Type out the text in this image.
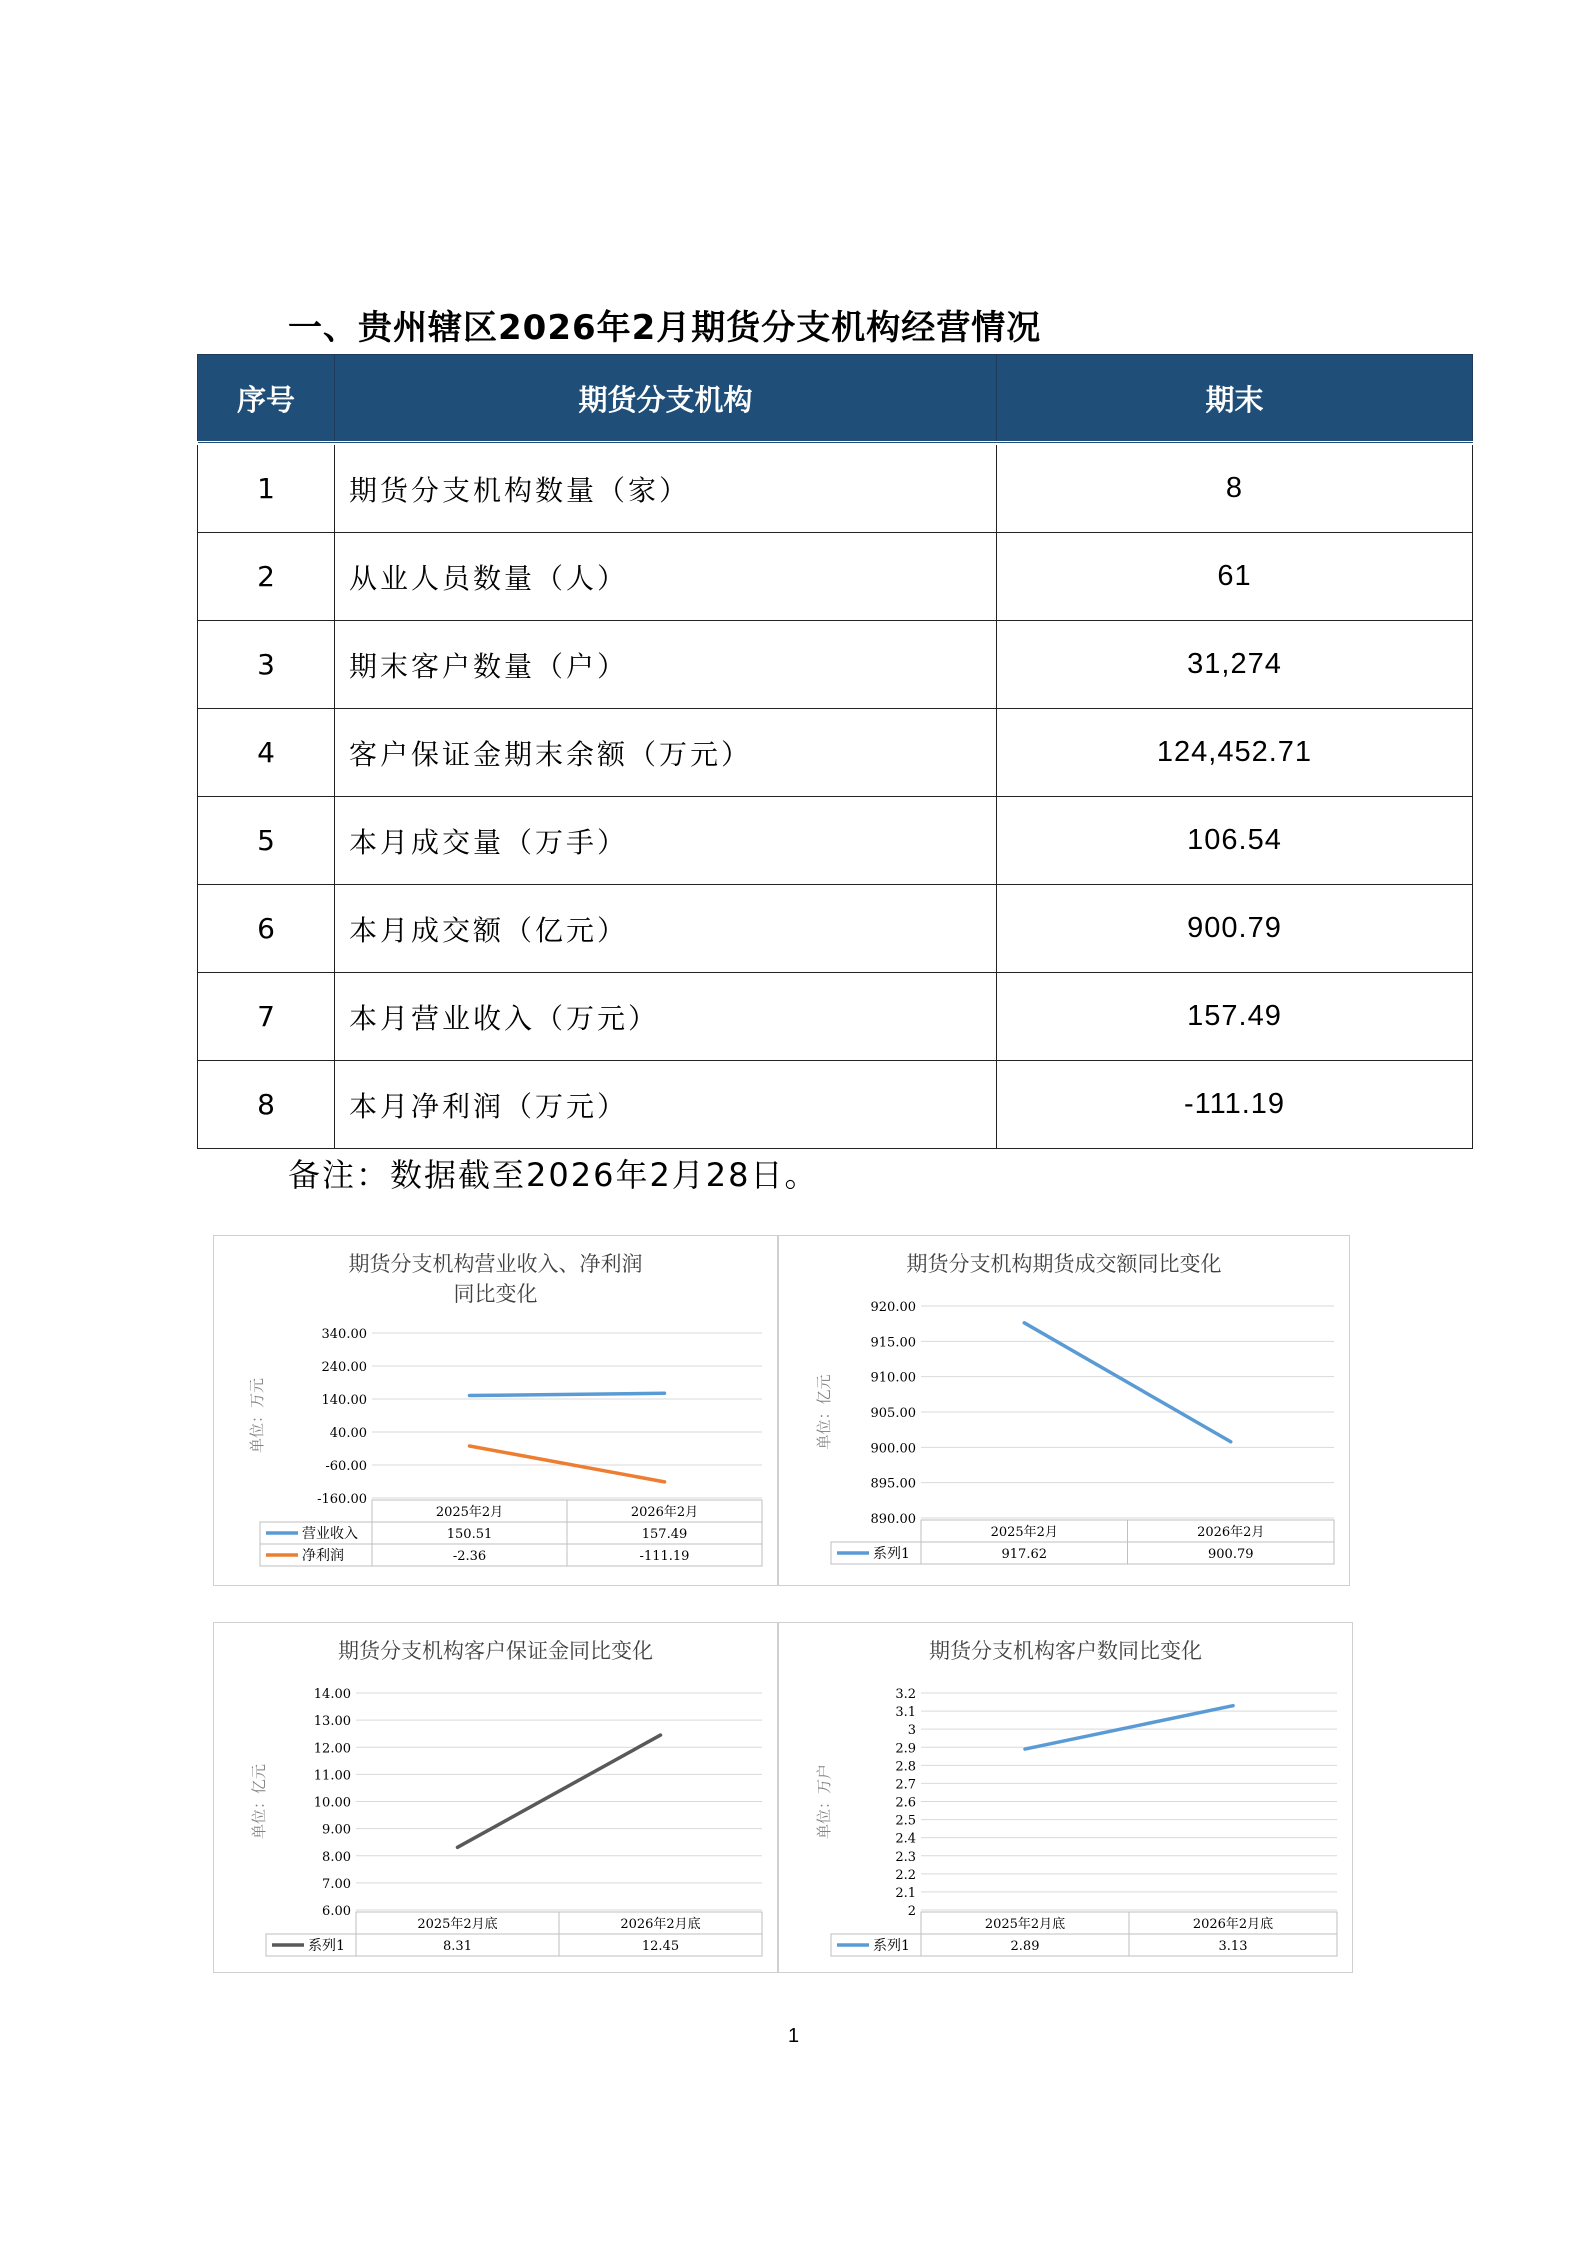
一、贵州辖区2026年2月期货分支机构经营情况
序号	期货分支机构	期末
1	期货分支机构数量（家）	8
2	从业人员数量（人）	61
3	期末客户数量（户）	31,274
4	客户保证金期末余额（万元）	124,452.71
5	本月成交量（万手）	106.54
6	本月成交额（亿元）	900.79
7	本月营业收入（万元）	157.49
8	本月净利润（万元）	-111.19
备注：数据截至2026年2月28日。
期货分支机构营业收入、净利润
同比变化
单位：万元
340.00
240.00
140.00
40.00
-60.00
-160.00
2025年2月	2026年2月
营业收入	150.51	157.49
净利润	-2.36	-111.19
期货分支机构期货成交额同比变化
单位：亿元
920.00
915.00
910.00
905.00
900.00
895.00
890.00
2025年2月	2026年2月
系列1	917.62	900.79
期货分支机构客户保证金同比变化
单位：亿元
14.00
13.00
12.00
11.00
10.00
9.00
8.00
7.00
6.00
2025年2月底	2026年2月底
系列1	8.31	12.45
期货分支机构客户数同比变化
单位：万户
3.2
3.1
3
2.9
2.8
2.7
2.6
2.5
2.4
2.3
2.2
2.1
2
2025年2月底	2026年2月底
系列1	2.89	3.13
1
